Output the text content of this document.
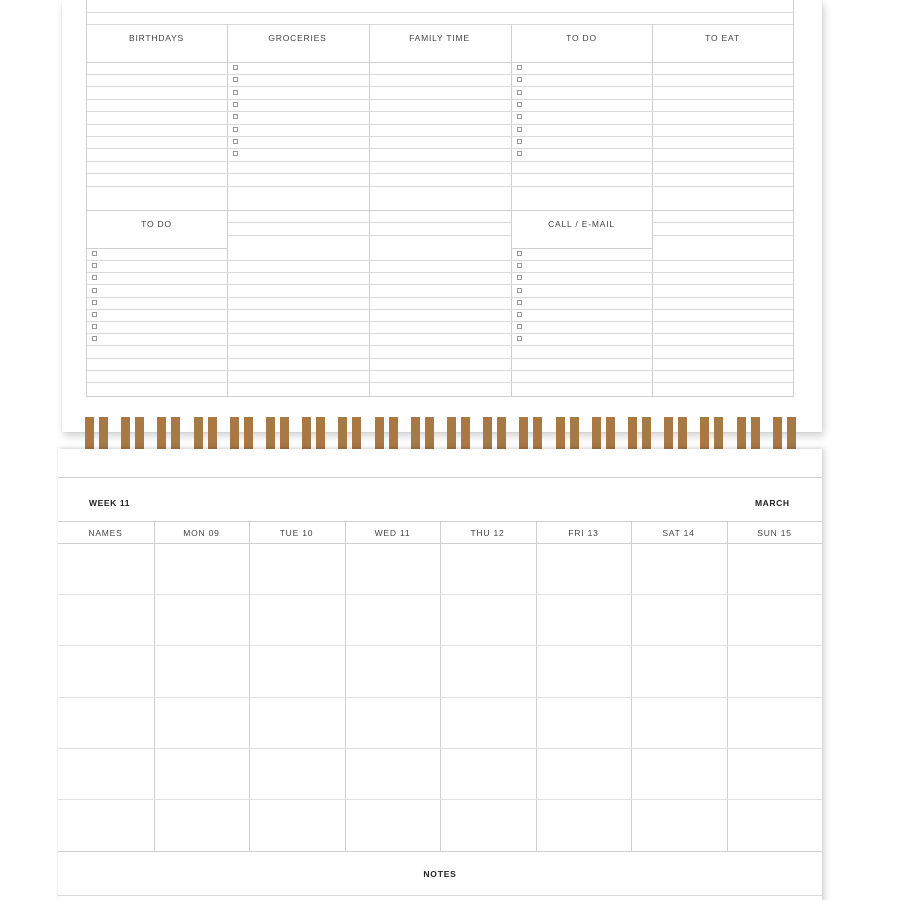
BIRTHDAYS	GROCERIES	FAMILY TIME	TO DO	TO EAT
TO DO	CALL / E-MAIL
WEEK 11	MARCH
NAMES	MON 09	TUE 10	WED 11	THU 12	FRI 13	SAT 14	SUN 15
NOTES
